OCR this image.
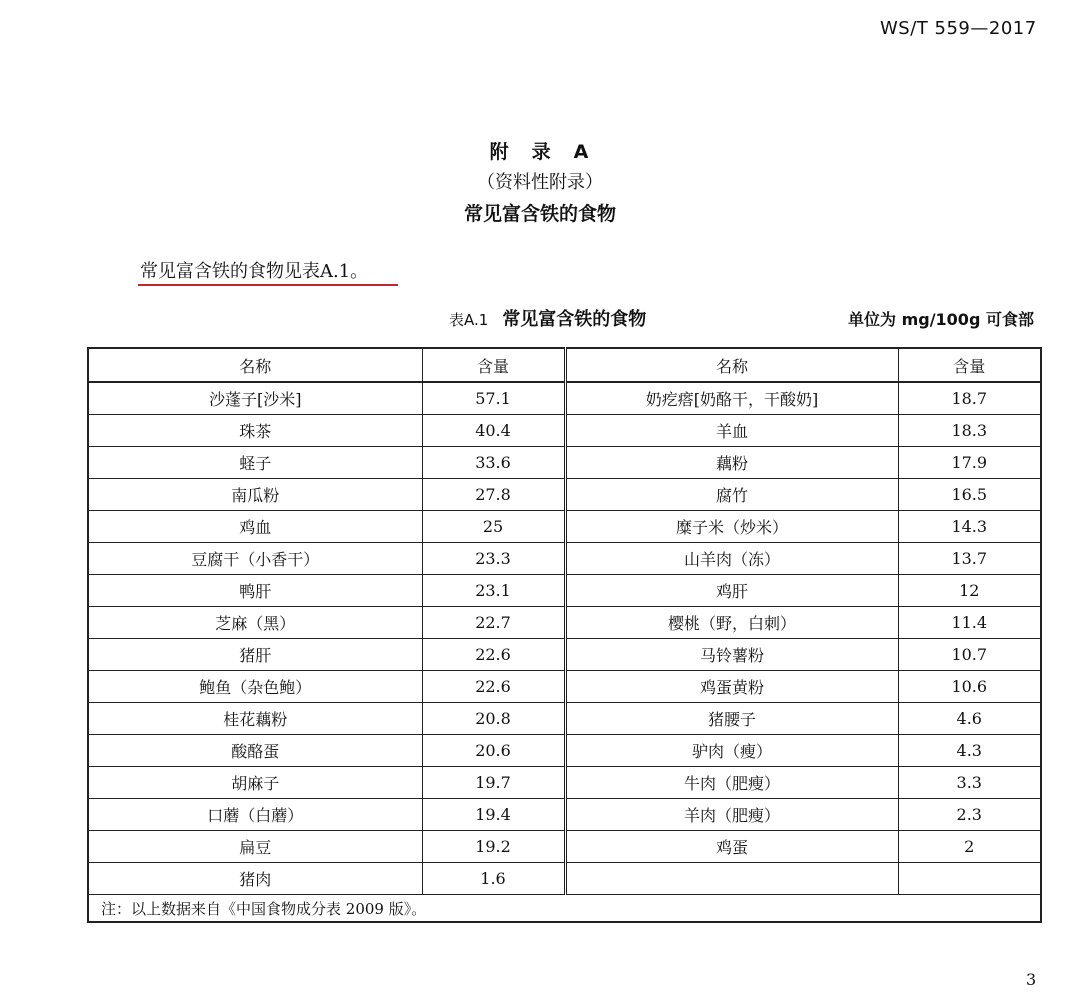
WS/T 559—2017
附　录　A
（资料性附录）
常见富含铁的食物
常见富含铁的食物见表A.1。
表A.1 常见富含铁的食物	单位为 mg/100g 可食部
名称	含量	名称	含量
沙蓬子[沙米]	57.1	奶疙瘩[奶酪干，干酸奶]	18.7
珠茶	40.4	羊血	18.3
蛏子	33.6	藕粉	17.9
南瓜粉	27.8	腐竹	16.5
鸡血	25	糜子米（炒米）	14.3
豆腐干（小香干）	23.3	山羊肉（冻）	13.7
鸭肝	23.1	鸡肝	12
芝麻（黑）	22.7	樱桃（野，白刺）	11.4
猪肝	22.6	马铃薯粉	10.7
鲍鱼（杂色鲍）	22.6	鸡蛋黄粉	10.6
桂花藕粉	20.8	猪腰子	4.6
酸酪蛋	20.6	驴肉（瘦）	4.3
胡麻子	19.7	牛肉（肥瘦）	3.3
口蘑（白蘑）	19.4	羊肉（肥瘦）	2.3
扁豆	19.2	鸡蛋	2
猪肉	1.6		
注：以上数据来自《中国食物成分表 2009 版》。			
3
